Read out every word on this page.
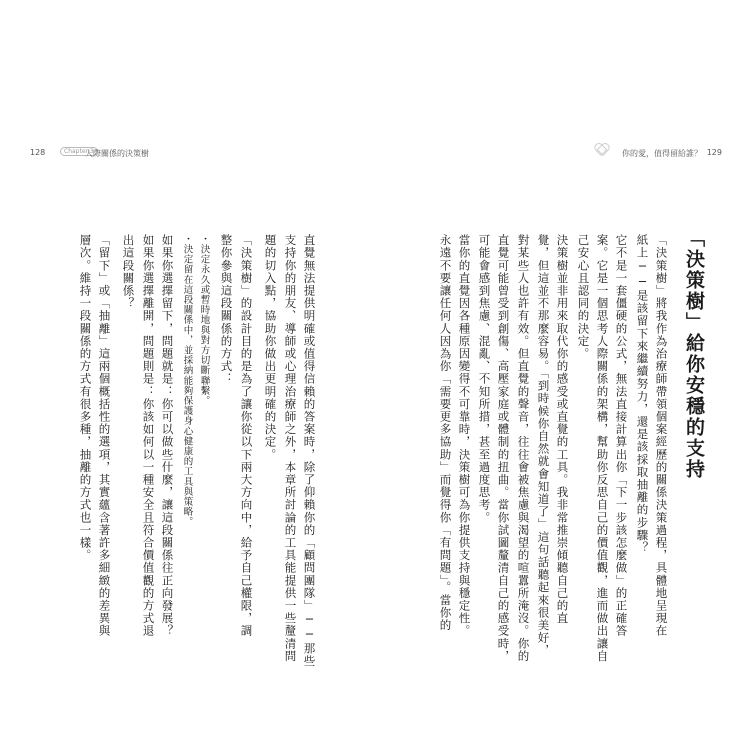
128	Chapter 3
人際關係的決策樹	你的愛，值得留給誰？ 129
「決策樹」給你安穩的支持
「決策樹」將我作為治療師帶領個案經歷的關係決策過程，具體地呈現在
紙上──是該留下來繼續努力，還是該採取抽離的步驟？
它不是一套僵硬的公式，無法直接計算出你「下一步該怎麼做」的正確答
案。它是一個思考人際關係的架構，幫助你反思自己的價值觀，進而做出讓自
己安心且認同的決定。
決策樹並非用來取代你的感受或直覺的工具。我非常推崇傾聽自己的直
覺，但這並不那麼容易。「到時候你自然就會知道了」這句話聽起來很美好，
對某些人也許有效。但直覺的聲音，往往會被焦慮與渴望的喧囂所淹沒。你的
直覺可能曾受到創傷、高壓家庭或體制的扭曲。當你試圖釐清自己的感受時，
可能會感到焦慮、混亂、不知所措，甚至過度思考。
當你的直覺因各種原因變得不可靠時，決策樹可為你提供支持與穩定性。
永遠不要讓任何人因為你「需要更多協助」而覺得你「有問題」。當你的
直覺無法提供明確或值得信賴的答案時，除了仰賴你的「顧問團隊」──那些
支持你的朋友、導師或心理治療師之外，本章所討論的工具能提供一些釐清問
題的切入點，協助你做出更明確的決定。
「決策樹」的設計目的是為了讓你從以下兩大方向中，給予自己權限，調
整你參與這段關係的方式：
・決定永久或暫時地與對方切斷聯繫。
・決定留在這段關係中，並採納能夠保護身心健康的工具與策略。
如果你選擇留下，問題就是：你可以做些什麼，讓這段關係往正向發展？
如果你選擇離開，問題則是：你該如何以一種安全且符合價值觀的方式退
出這段關係？
「留下」或「抽離」這兩個概括性的選項，其實蘊含著許多細緻的差異與
層次。維持一段關係的方式有很多種，抽離的方式也一樣。
